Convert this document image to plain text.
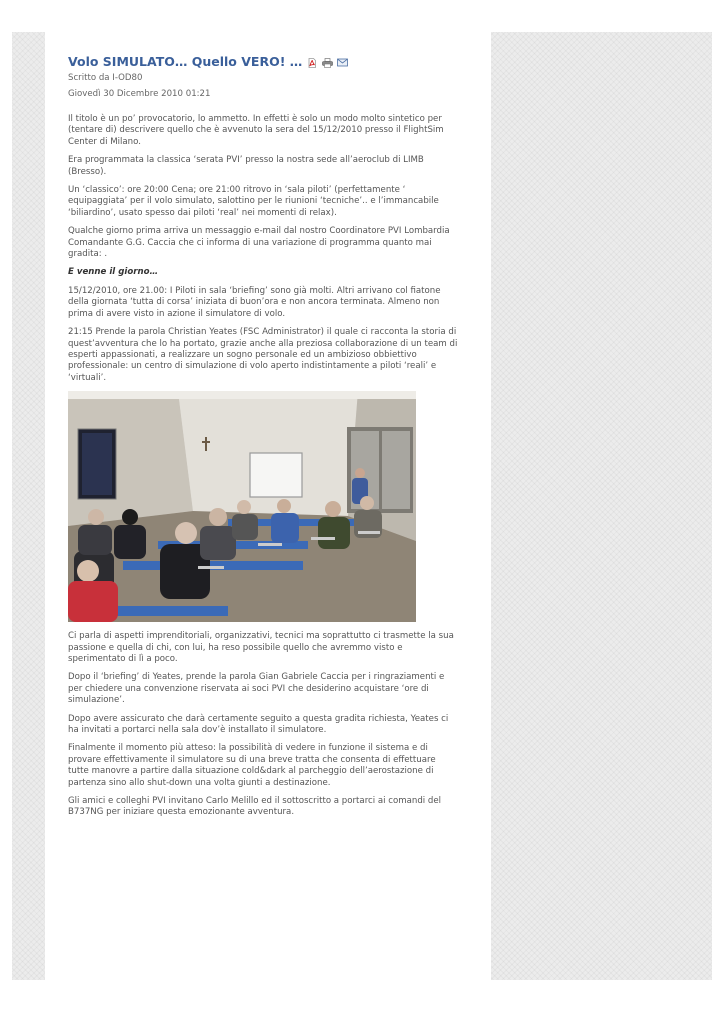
Volo SIMULATO… Quello VERO! …
Scritto da I-OD80
Giovedì 30 Dicembre 2010 01:21

Il titolo è un po’ provocatorio, lo ammetto. In effetti è solo un modo molto sintetico per (tentare di) descrivere quello che è avvenuto la sera del 15/12/2010 presso il FlightSim Center di Milano.

Era programmata la classica ‘serata PVI’ presso la nostra sede all’aeroclub di LIMB (Bresso).

Un ‘classico’: ore 20:00 Cena; ore 21:00 ritrovo in ‘sala piloti’ (perfettamente ‘ equipaggiata’ per il volo simulato, salottino per le riunioni ‘tecniche’.. e l’immancabile ‘biliardino’, usato spesso dai piloti ‘real’ nei momenti di relax).

Qualche giorno prima arriva un messaggio e-mail dal nostro Coordinatore PVI Lombardia Comandante G.G. Caccia che ci informa di una variazione di programma quanto mai gradita: .

E venne il giorno…

15/12/2010, ore 21.00: I Piloti in sala ‘briefing’ sono già molti. Altri arrivano col fiatone della giornata ‘tutta di corsa’ iniziata di buon’ora e non ancora terminata. Almeno non prima di avere visto in azione il simulatore di volo.

21:15 Prende la parola Christian Yeates (FSC Administrator) il quale ci racconta la storia di quest’avventura che lo ha portato, grazie anche alla preziosa collaborazione di un team di esperti appassionati, a realizzare un sogno personale ed un ambizioso obbiettivo professionale: un centro di simulazione di volo aperto indistintamente a piloti ‘reali’ e ‘virtuali’.

Ci parla di aspetti imprenditoriali, organizzativi, tecnici ma soprattutto ci trasmette la sua passione e quella di chi, con lui, ha reso possibile quello che avremmo visto e sperimentato di lì a poco.

Dopo il ‘briefing’ di Yeates, prende la parola Gian Gabriele Caccia per i ringraziamenti e per chiedere una convenzione riservata ai soci PVI che desiderino acquistare ‘ore di simulazione’.

Dopo avere assicurato che darà certamente seguito a questa gradita richiesta, Yeates ci ha invitati a portarci nella sala dov’è installato il simulatore.

Finalmente il momento più atteso: la possibilità di vedere in funzione il sistema e di provare effettivamente il simulatore su di una breve tratta che consenta di effettuare tutte manovre a partire dalla situazione cold&dark al parcheggio dell’aerostazione di partenza sino allo shut-down una volta giunti a destinazione.

Gli amici e colleghi PVI invitano Carlo Melillo ed il sottoscritto a portarci ai comandi del B737NG per iniziare questa emozionante avventura.
